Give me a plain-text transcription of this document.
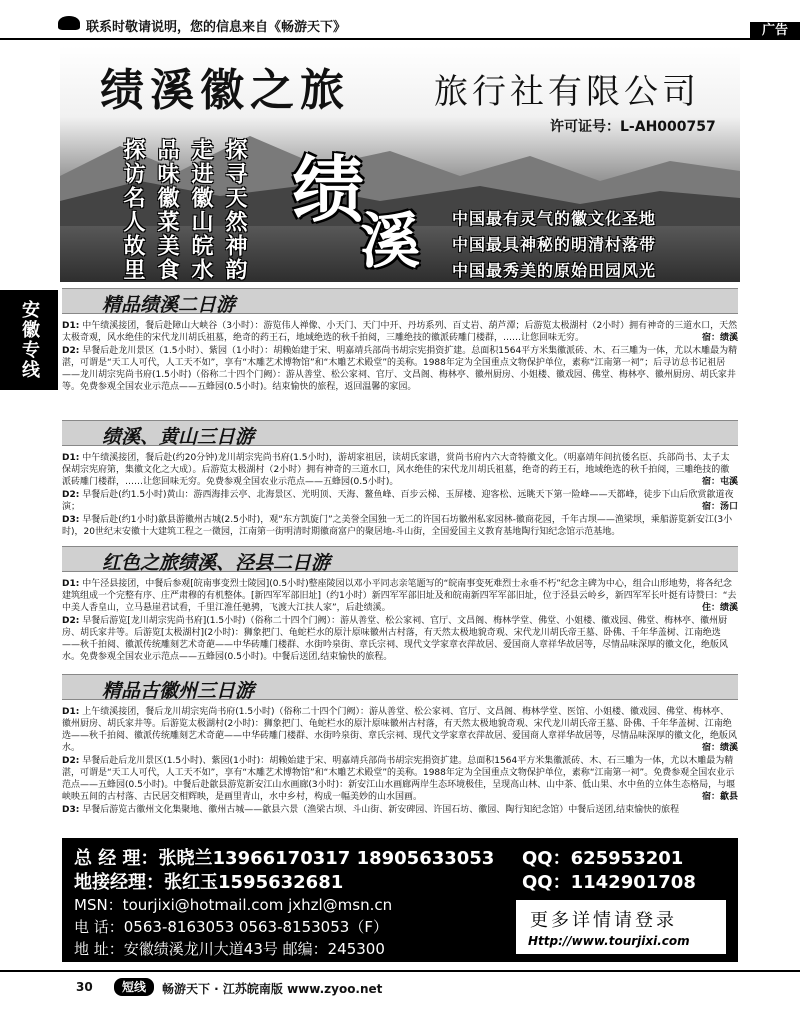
联系时敬请说明，您的信息来自《畅游天下》	广告
安徽专线
绩溪徽之旅 旅行社有限公司
许可证号：L-AH000757
探寻天然神韵
走进徽山皖水
品味徽菜美食
探访名人故里 绩
溪 中国最有灵气的徽文化圣地
中国最具神秘的明清村落带
中国最秀美的原始田园风光
精品绩溪二日游

D1: 中午绩溪接团，餐后赴障山大峡谷（3小时）：游览伟人禅像、小天门、天门中开、丹坊系列、百丈岩、葫芦潭；后游览太极湖村（2小时）拥有神奇的三道水口，天然太极奇观，风水绝佳的宋代龙川胡氏祖墓，绝奇的药王石，地域绝选的秋千拍阅，三雕绝技的徽派砖雕门楼群，……让您回味无穷。	宿：绩溪

D2: 早餐后赴龙川景区（1.5小时）、紫园（1小时）：胡赖始建于宋、明嘉靖兵部尚书胡宗宪捐资扩建。总面积1564平方米集徽派砖、木、石三雕为一体，尤以木雕最为精湛，可谓是“天工人可代，人工天不如”，享有“木雕艺术博物馆”和“木雕艺术殿堂”的美称。1988年定为全国重点文物保护单位，素称“江南第一祠”；后寻访总书记祖居——龙川胡宗宪尚书府(1.5小时)（俗称二十四个门阙）：游从善堂、松公家祠、官厅、文昌阁、梅林亭、徽州厨房、小姐楼、徽戏园、佛堂、梅林亭、徽州厨房、胡氏家井等。免费参观全国农业示范点——五蜂园(0.5小时)。结束愉快的旅程，返回温馨的家园。

绩溪、黄山三日游

D1: 中午绩溪接团，餐后赴(约20分钟)龙川胡宗宪尚书府(1.5小时)，游胡家祖居，读胡氏家谱，赏尚书府内六大奇特徽文化。（明嘉靖年间抗倭名臣、兵部尚书、太子太保胡宗宪府第，集徽文化之大成）。后游览太极湖村（2小时）拥有神奇的三道水口，风水绝佳的宋代龙川胡氏祖墓，绝奇的药王石，地域绝选的秋千拍阅，三雕绝技的徽派砖雕门楼群，……让您回味无穷。免费参观全国农业示范点——五蜂园(0.5小时)。	宿：屯溪

D2: 早餐后赴(约1.5小时)黄山：游西海排云亭、北海景区、光明顶、天海、鳌鱼峰、百步云梯、玉屏楼、迎客松、远眺天下第一险峰——天都峰，徒步下山后欣赏歙道夜演；	宿：汤口

D3: 早餐后赴(约1小时)歙县游徽州古城(2.5小时)，观“东方凯旋门”之美誉全国独一无二的许国石坊徽州私家园林-徽商花园，千年古坝——渔梁坝，乘船游览新安江(3小时)，20世纪末安徽十大建筑工程之一微园，江南第一街明清时期徽商富户的聚居地-斗山街，全国爱国主义教育基地陶行知纪念馆示范基地。

红色之旅绩溪、泾县二日游

D1: 中午泾县接团，中餐后参观[皖南事变烈士陵园](0.5小时)整座陵园以邓小平同志亲笔题写的“皖南事变死难烈士永垂不朽”纪念主碑为中心，组合山形地势，将各纪念建筑组成一个完整有序、庄严肃穆的有机整体。[新四军军部旧址]（约1小时）新四军军部旧址及和皖南新四军军部旧址，位于泾县云岭乡，新四军军长叶挺有诗赞曰：“去中美人香皇山，立马悬崖君试看，千里江淮任驰骋，飞渡大江扶人家”，后赴绩溪。	住：绩溪

D2: 早餐后游览[龙川胡宗宪尚书府](1.5小时)（俗称二十四个门阙）：游从善堂、松公家祠、官厅、文昌阁、梅林学堂、佛堂、小姐楼、徽戏园、佛堂、梅林亭、徽州厨房、胡氏家井等。后游览[太极湖村](2小时)：狮象把门、龟蛇栏水的原汁原味徽州古村落，有天然太极地貌奇观、宋代龙川胡氏帝王墓、卧佛、千年华盖树、江南绝选——秋千拍阅、徽派传统雕刻艺术奇葩——中华砖雕门楼群、水街吟泉街、章氏宗祠、现代文学家章衣萍故居、爱国商人章祥华故居等，尽情品味深厚的徽文化，绝版风水。免费参观全国农业示范点——五蜂园(0.5小时)。中餐后送团,结束愉快的旅程。

精品古徽州三日游

D1: 上午绩溪接团，餐后龙川胡宗宪尚书府(1.5小时)（俗称二十四个门阙）：游从善堂、松公家祠、官厅、文昌阁、梅林学堂、医馆、小姐楼、徽戏园、佛堂、梅林亭、徽州厨房、胡氏家井等。后游览太极湖村(2小时)：狮象把门、龟蛇栏水的原汁原味徽州古村落，有天然太极地貌奇观、宋代龙川胡氏帝王墓、卧佛、千年华盖树、江南绝选——秋千拍阅、徽派传统雕刻艺术奇葩——中华砖雕门楼群、水街吟泉街、章氏宗祠、现代文学家章衣萍故居、爱国商人章祥华故居等，尽情品味深厚的徽文化，绝版风水。	宿：绩溪

D2: 早餐后赴后龙川景区(1.5小时)、紫园(1小时)：胡赖始建于宋、明嘉靖兵部尚书胡宗宪捐资扩建。总面积1564平方米集徽派砖、木、石三雕为一体，尤以木雕最为精湛，可谓是“天工人可代，人工天不如”，享有“木雕艺术博物馆”和“木雕艺术殿堂”的美称。1988年定为全国重点文物保护单位，素称“江南第一祠”。免费参观全国农业示范点——五蜂园(0.5小时)。中餐后赴歙县游览新安江山水画廊(3小时)：新安江山水画廊两岸生态环境极佳，呈现高山林、山中茶、低山果、水中鱼的立体生态格局，与堰峡映五间的古村落、古民居交相辉映，是画里青山，水中乡村，构成一幅美妙的山水国画。	宿：歙县

D3: 早餐后游览古徽州文化集聚地、徽州古城——歙县六景（渔梁古坝、斗山街、新安碑园、许国石坊、徽园、陶行知纪念馆）中餐后送团,结束愉快的旅程

总 经 理：张晓兰13966170317 18905633053 QQ：625953201
地接经理：张红玉1595632681	QQ：1142901708
MSN：tourjixi@hotmail.com jxhzl@msn.cn
电 话：0563-8163053 0563-8153053（F）
地 址：安徽绩溪龙川大道43号 邮编：245300
更多详情请登录
Http://www.tourjixi.com
30	短线	畅游天下 · 江苏皖南版 www.zyoo.net
